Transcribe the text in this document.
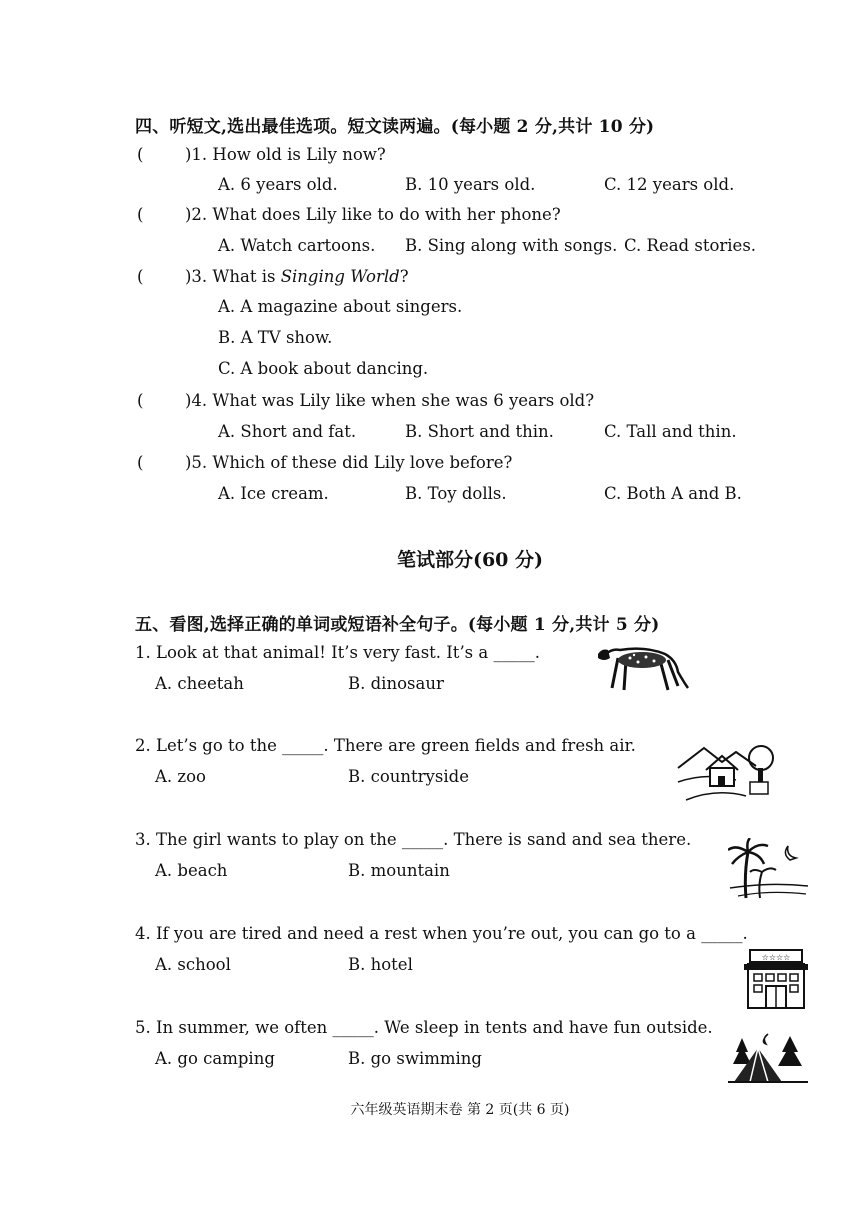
四、听短文,选出最佳选项。短文读两遍。(每小题 2 分,共计 10 分)
(	)1. How old is Lily now?
A. 6 years old.	B. 10 years old.	C. 12 years old.
(	)2. What does Lily like to do with her phone?
A. Watch cartoons. B. Sing along with songs. C. Read stories.
(	)3. What is Singing World?
A. A magazine about singers.
B. A TV show.
C. A book about dancing.
(	)4. What was Lily like when she was 6 years old?
A. Short and fat.	B. Short and thin.	C. Tall and thin.
(	)5. Which of these did Lily love before?
A. Ice cream.	B. Toy dolls.	C. Both A and B.
笔试部分(60 分)
五、看图,选择正确的单词或短语补全句子。(每小题 1 分,共计 5 分)
1. Look at that animal! It’s very fast. It’s a _____.
A. cheetah	B. dinosaur
2. Let’s go to the _____. There are green fields and fresh air.
A. zoo	B. countryside
3. The girl wants to play on the _____. There is sand and sea there.
A. beach	B. mountain
4. If you are tired and need a rest when you’re out, you can go to a _____.
A. school	B. hotel	☆☆☆☆
5. In summer, we often _____. We sleep in tents and have fun outside.
A. go camping	B. go swimming
六年级英语期末卷 第 2 页(共 6 页)
